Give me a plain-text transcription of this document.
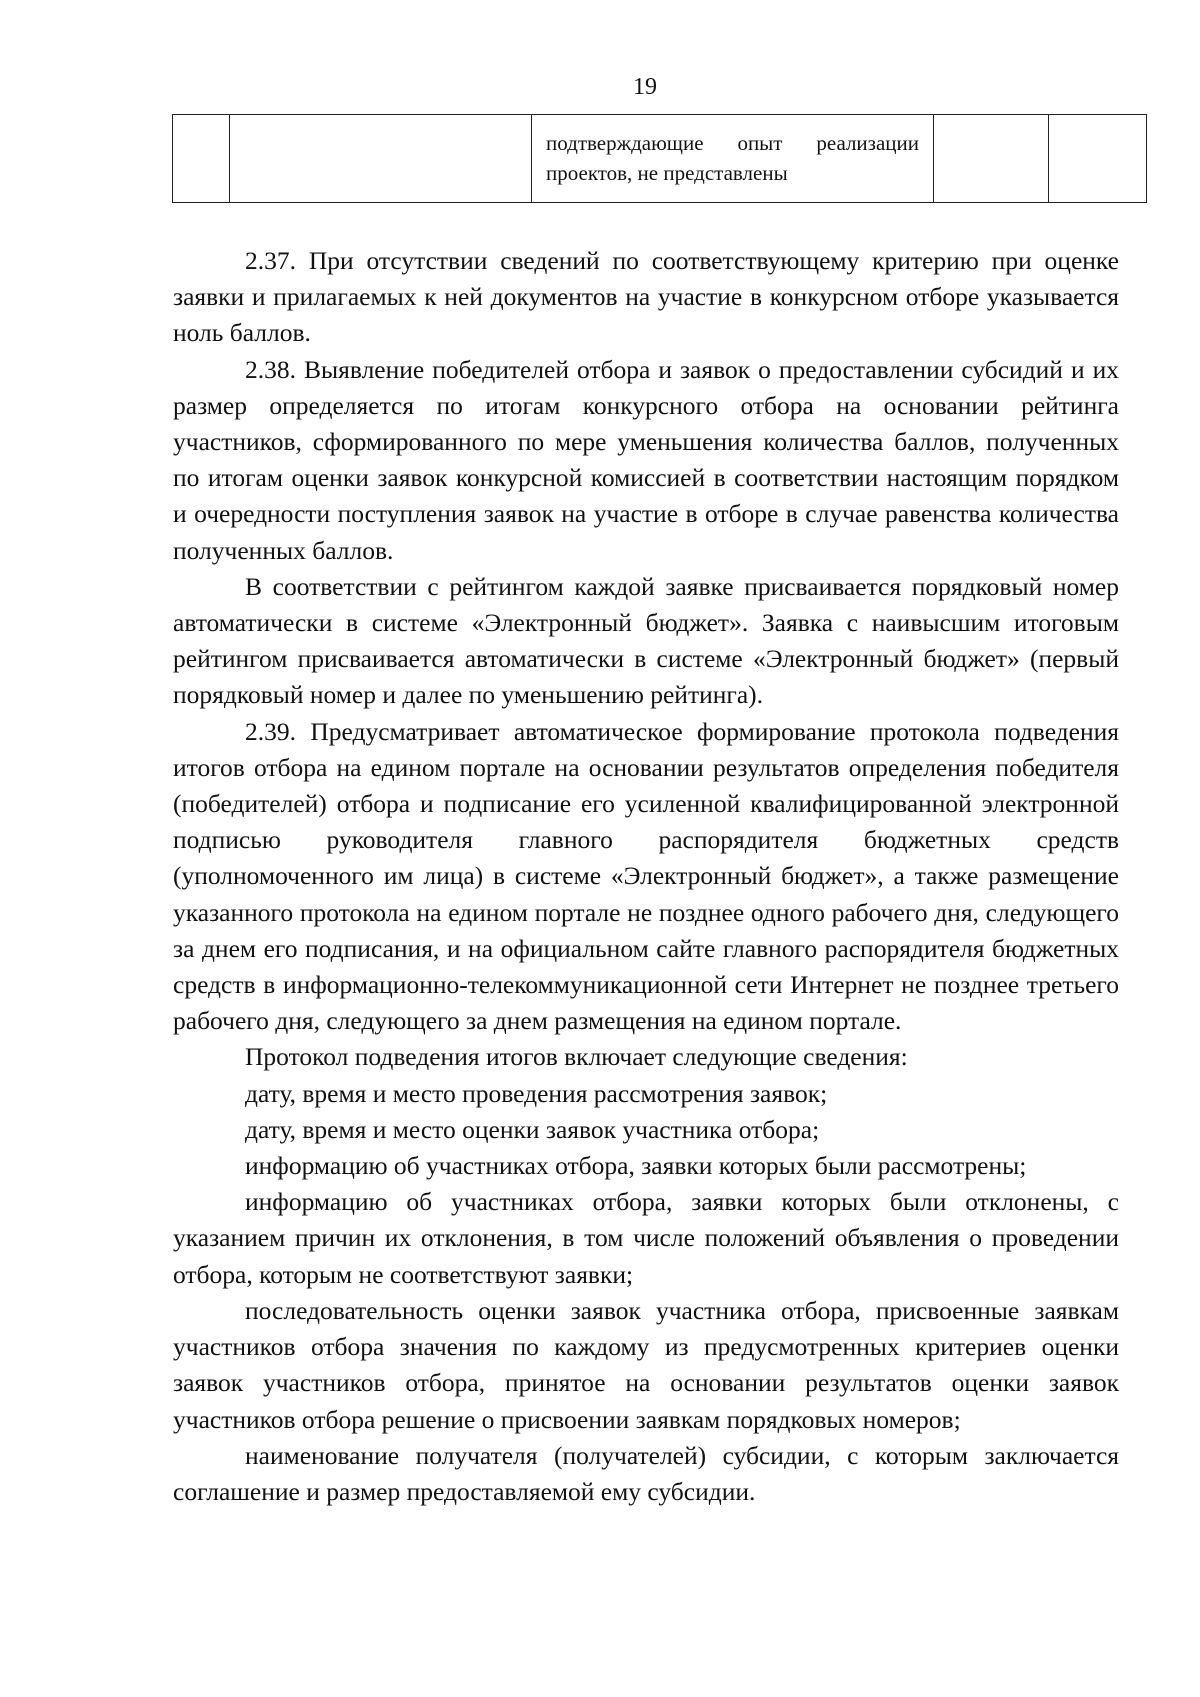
19
		подтверждающие опыт реализации проектов, не представлены		

2.37. При отсутствии сведений по соответствующему критерию при оценке заявки и прилагаемых к ней документов на участие в конкурсном отборе указывается ноль баллов.

2.38. Выявление победителей отбора и заявок о предоставлении субсидий и их размер определяется по итогам конкурсного отбора на основании рейтинга участников, сформированного по мере уменьшения количества баллов, полученных по итогам оценки заявок конкурсной комиссией в соответствии настоящим порядком и очередности поступления заявок на участие в отборе в случае равенства количества полученных баллов.

В соответствии с рейтингом каждой заявке присваивается порядковый номер автоматически в системе «Электронный бюджет». Заявка с наивысшим итоговым рейтингом присваивается автоматически в системе «Электронный бюджет» (первый порядковый номер и далее по уменьшению рейтинга).

2.39. Предусматривает автоматическое формирование протокола подведения итогов отбора на едином портале на основании результатов определения победителя (победителей) отбора и подписание его усиленной квалифицированной электронной подписью руководителя главного распорядителя бюджетных средств (уполномоченного им лица) в системе «Электронный бюджет», а также размещение указанного протокола на едином портале не позднее одного рабочего дня, следующего за днем его подписания, и на официальном сайте главного распорядителя бюджетных средств в информационно-телекоммуникационной сети Интернет не позднее третьего рабочего дня, следующего за днем размещения на едином портале.

Протокол подведения итогов включает следующие сведения:

дату, время и место проведения рассмотрения заявок;

дату, время и место оценки заявок участника отбора;

информацию об участниках отбора, заявки которых были рассмотрены;

информацию об участниках отбора, заявки которых были отклонены, с указанием причин их отклонения, в том числе положений объявления о проведении отбора, которым не соответствуют заявки;

последовательность оценки заявок участника отбора, присвоенные заявкам участников отбора значения по каждому из предусмотренных критериев оценки заявок участников отбора, принятое на основании результатов оценки заявок участников отбора решение о присвоении заявкам порядковых номеров;

наименование получателя (получателей) субсидии, с которым заключается соглашение и размер предоставляемой ему субсидии.
